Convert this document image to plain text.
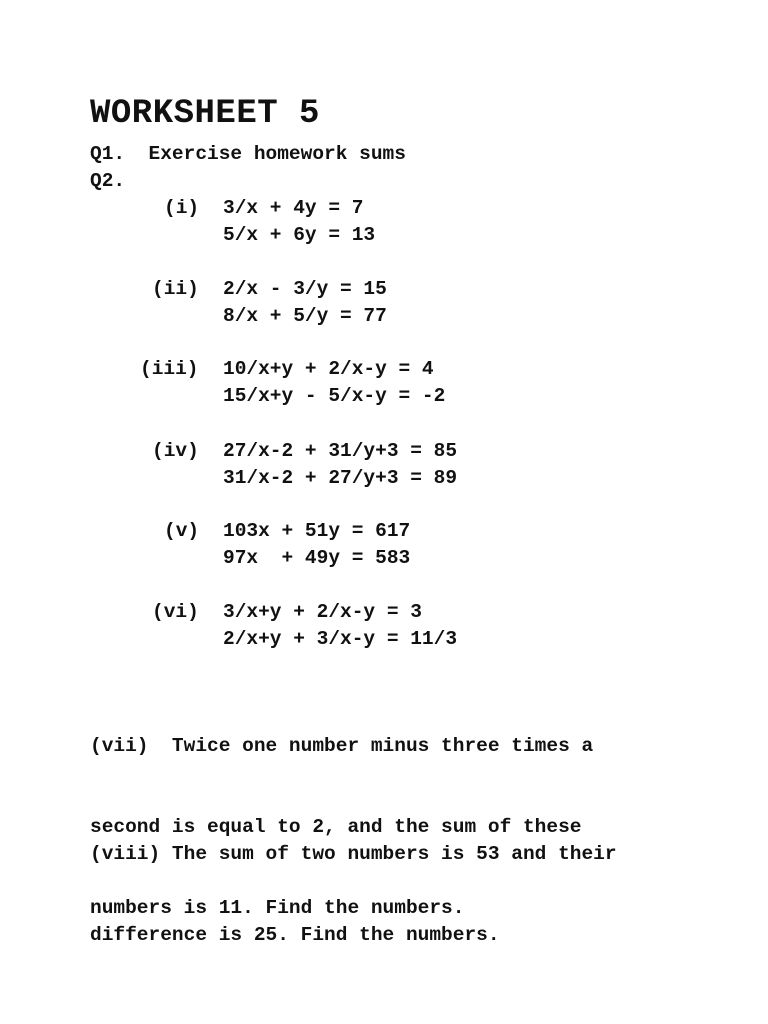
WORKSHEET 5
Q1.  Exercise homework sums
Q2.
(i) 3/x + 4y = 7
5/x + 6y = 13
(ii) 2/x - 3/y = 15
8/x + 5/y = 77
(iii) 10/x+y + 2/x-y = 4
15/x+y - 5/x-y = -2
(iv) 27/x-2 + 31/y+3 = 85
31/x-2 + 27/y+3 = 89
(v) 103x + 51y = 617
97x  + 49y = 583
(vi) 3/x+y + 2/x-y = 3
2/x+y + 3/x-y = 11/3

(vii)  Twice one number minus three times a

second is equal to 2, and the sum of these

numbers is 11. Find the numbers.

(viii) The sum of two numbers is 53 and their

difference is 25. Find the numbers.
